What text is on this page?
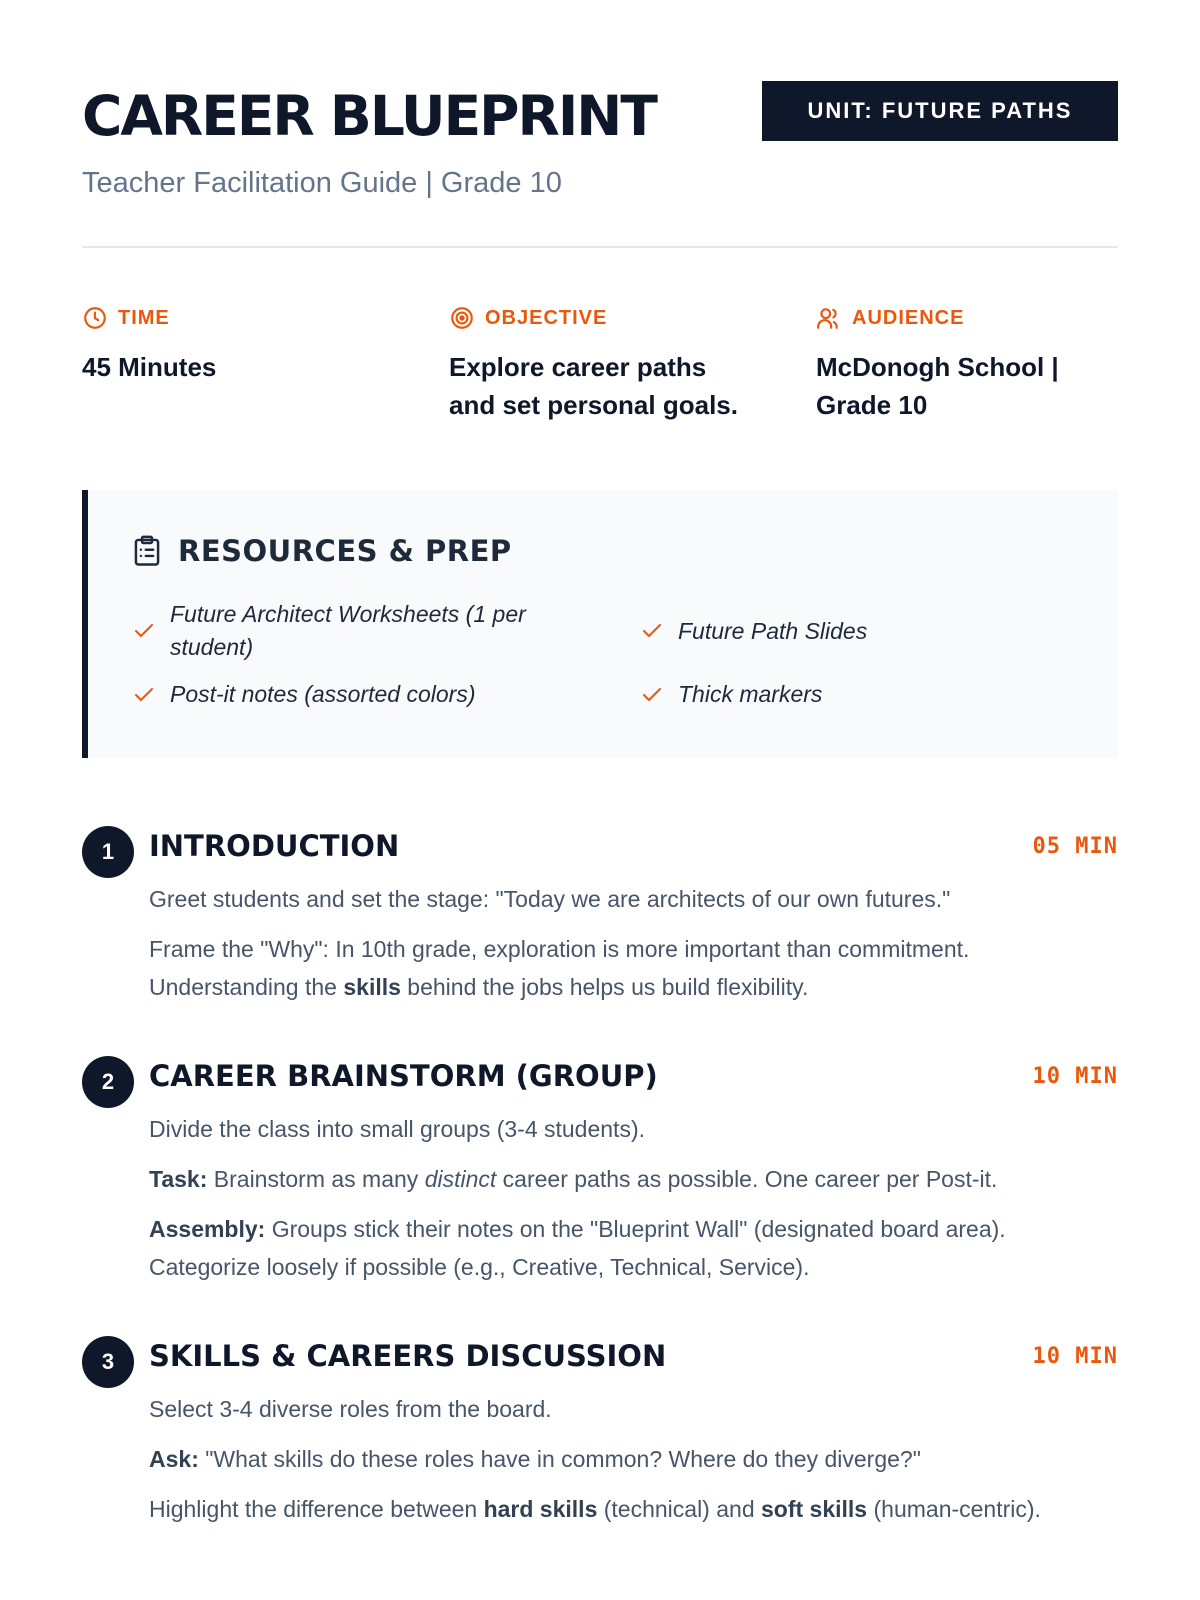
CAREER BLUEPRINT
Teacher Facilitation Guide | Grade 10
UNIT: FUTURE PATHS
TIME
45 Minutes
OBJECTIVE
Explore career paths and set personal goals.
AUDIENCE
McDonogh School | Grade 10
RESOURCES & PREP
Future Architect Worksheets (1 per student)
Future Path Slides
Post-it notes (assorted colors)	Thick markers
1	INTRODUCTION	05 MIN

Greet students and set the stage: "Today we are architects of our own futures."

Frame the "Why": In 10th grade, exploration is more important than commitment. Understanding the skills behind the jobs helps us build flexibility.

2	CAREER BRAINSTORM (GROUP)	10 MIN

Divide the class into small groups (3-4 students).

Task: Brainstorm as many distinct career paths as possible. One career per Post-it.

Assembly: Groups stick their notes on the "Blueprint Wall" (designated board area). Categorize loosely if possible (e.g., Creative, Technical, Service).

3	SKILLS & CAREERS DISCUSSION	10 MIN

Select 3-4 diverse roles from the board.

Ask: "What skills do these roles have in common? Where do they diverge?"

Highlight the difference between hard skills (technical) and soft skills (human-centric).
